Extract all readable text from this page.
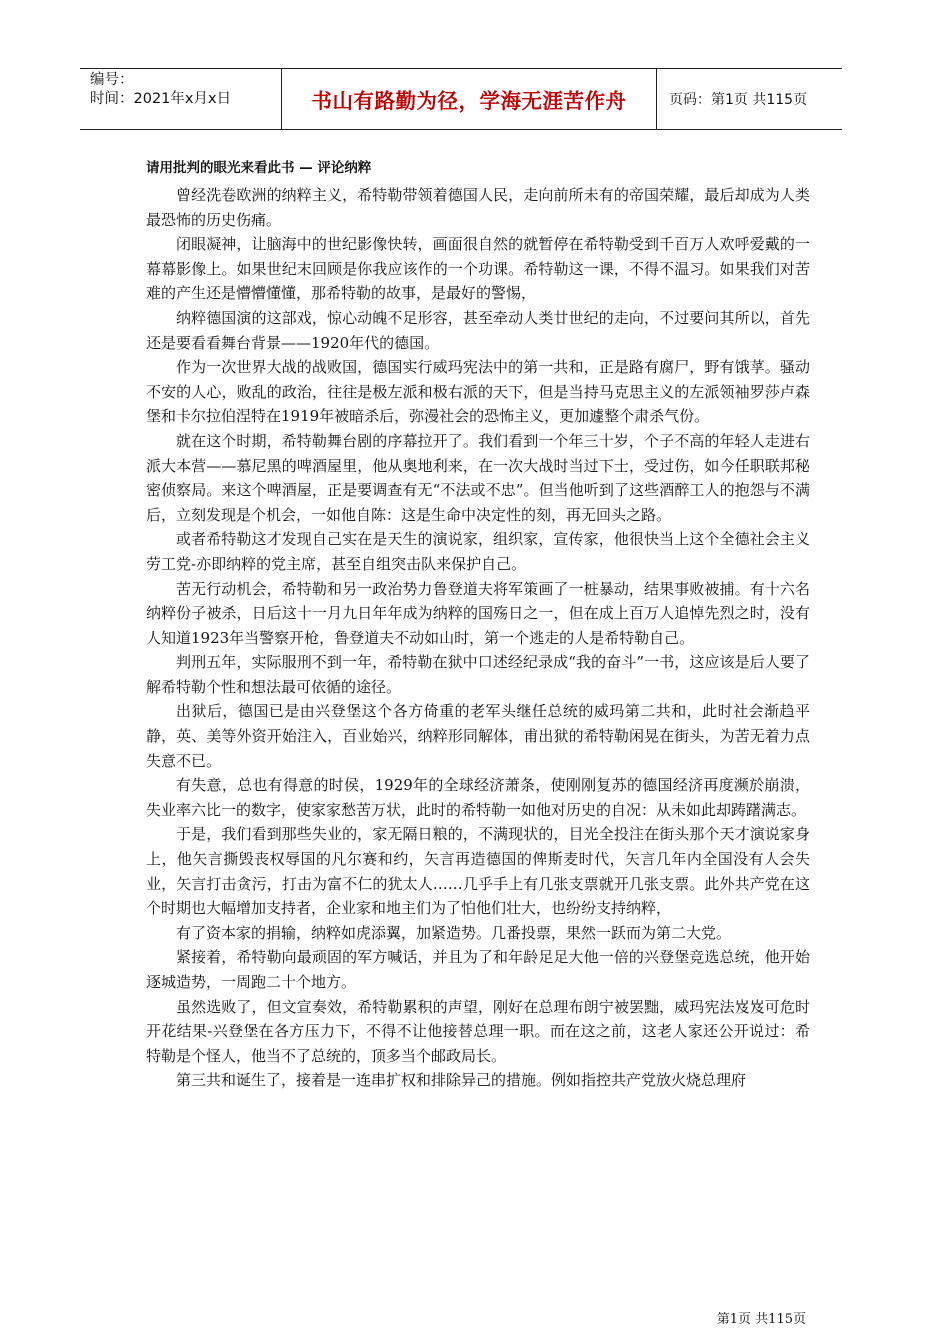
编号：
时间：2021年x月x日	书山有路勤为径，学海无涯苦作舟	页码：第1页 共115页
请用批判的眼光来看此书 — 评论纳粹

曾经洗卷欧洲的纳粹主义，希特勒带领着德国人民，走向前所未有的帝国荣耀，最后却成为人类最恐怖的历史伤痛。

闭眼凝神，让脑海中的世纪影像快转，画面很自然的就暂停在希特勒受到千百万人欢呼爱戴的一幕幕影像上。如果世纪末回顾是你我应该作的一个功课。希特勒这一课，不得不温习。如果我们对苦难的产生还是懵懵懂懂，那希特勒的故事，是最好的警惕，

纳粹德国演的这部戏，惊心动魄不足形容，甚至牵动人类廿世纪的走向，不过要问其所以，首先还是要看看舞台背景——1920年代的德国。

作为一次世界大战的战败国，德国实行威玛宪法中的第一共和，正是路有腐尸，野有饿莩。骚动不安的人心，败乱的政治，往往是极左派和极右派的天下，但是当持马克思主义的左派领袖罗莎卢森堡和卡尔拉伯涅特在1919年被暗杀后，弥漫社会的恐怖主义，更加遽整个肃杀气份。

就在这个时期，希特勒舞台剧的序幕拉开了。我们看到一个年三十岁，个子不高的年轻人走进右派大本营——慕尼黑的啤酒屋里，他从奥地利来，在一次大战时当过下士，受过伤，如今任职联邦秘密侦察局。来这个啤酒屋，正是要调查有无“不法或不忠”。但当他听到了这些酒醉工人的抱怨与不满后，立刻发现是个机会，一如他自陈：这是生命中决定性的刻，再无回头之路。

或者希特勒这才发现自己实在是天生的演说家，组织家，宣传家，他很快当上这个全德社会主义劳工党-亦即纳粹的党主席，甚至自组突击队来保护自己。

苦无行动机会，希特勒和另一政治势力鲁登道夫将军策画了一桩暴动，结果事败被捕。有十六名纳粹份子被杀，日后这十一月九日年年成为纳粹的国殇日之一，但在成上百万人追悼先烈之时，没有人知道1923年当警察开枪，鲁登道夫不动如山时，第一个逃走的人是希特勒自己。

判刑五年，实际服刑不到一年，希特勒在狱中口述经纪录成“我的奋斗”一书，这应该是后人要了解希特勒个性和想法最可依循的途径。

出狱后，德国已是由兴登堡这个各方倚重的老军头继任总统的威玛第二共和，此时社会渐趋平静，英、美等外资开始注入，百业始兴，纳粹形同解体，甫出狱的希特勒闲晃在街头，为苦无着力点失意不已。

有失意，总也有得意的时侯，1929年的全球经济萧条，使刚刚复苏的德国经济再度濒於崩溃，失业率六比一的数字，使家家愁苦万状，此时的希特勒一如他对历史的自况：从未如此却踌躇满志。

于是，我们看到那些失业的，家无隔日粮的，不满现状的，目光全投注在街头那个天才演说家身上，他矢言撕毁丧权辱国的凡尔赛和约，矢言再造德国的俾斯麦时代，矢言几年内全国没有人会失业，矢言打击贪污，打击为富不仁的犹太人……几乎手上有几张支票就开几张支票。此外共产党在这个时期也大幅增加支持者，企业家和地主们为了怕他们壮大，也纷纷支持纳粹，

有了资本家的捐输，纳粹如虎添翼，加紧造势。几番投票，果然一跃而为第二大党。

紧接着，希特勒向最顽固的军方喊话，并且为了和年龄足足大他一倍的兴登堡竞选总统，他开始逐城造势，一周跑二十个地方。

虽然选败了，但文宣奏效，希特勒累积的声望，刚好在总理布朗宁被罢黜，威玛宪法岌岌可危时开花结果-兴登堡在各方压力下，不得不让他接替总理一职。而在这之前，这老人家还公开说过：希特勒是个怪人，他当不了总统的，顶多当个邮政局长。

第三共和诞生了，接着是一连串扩权和排除异己的措施。例如指控共产党放火烧总理府

第1页 共115页
